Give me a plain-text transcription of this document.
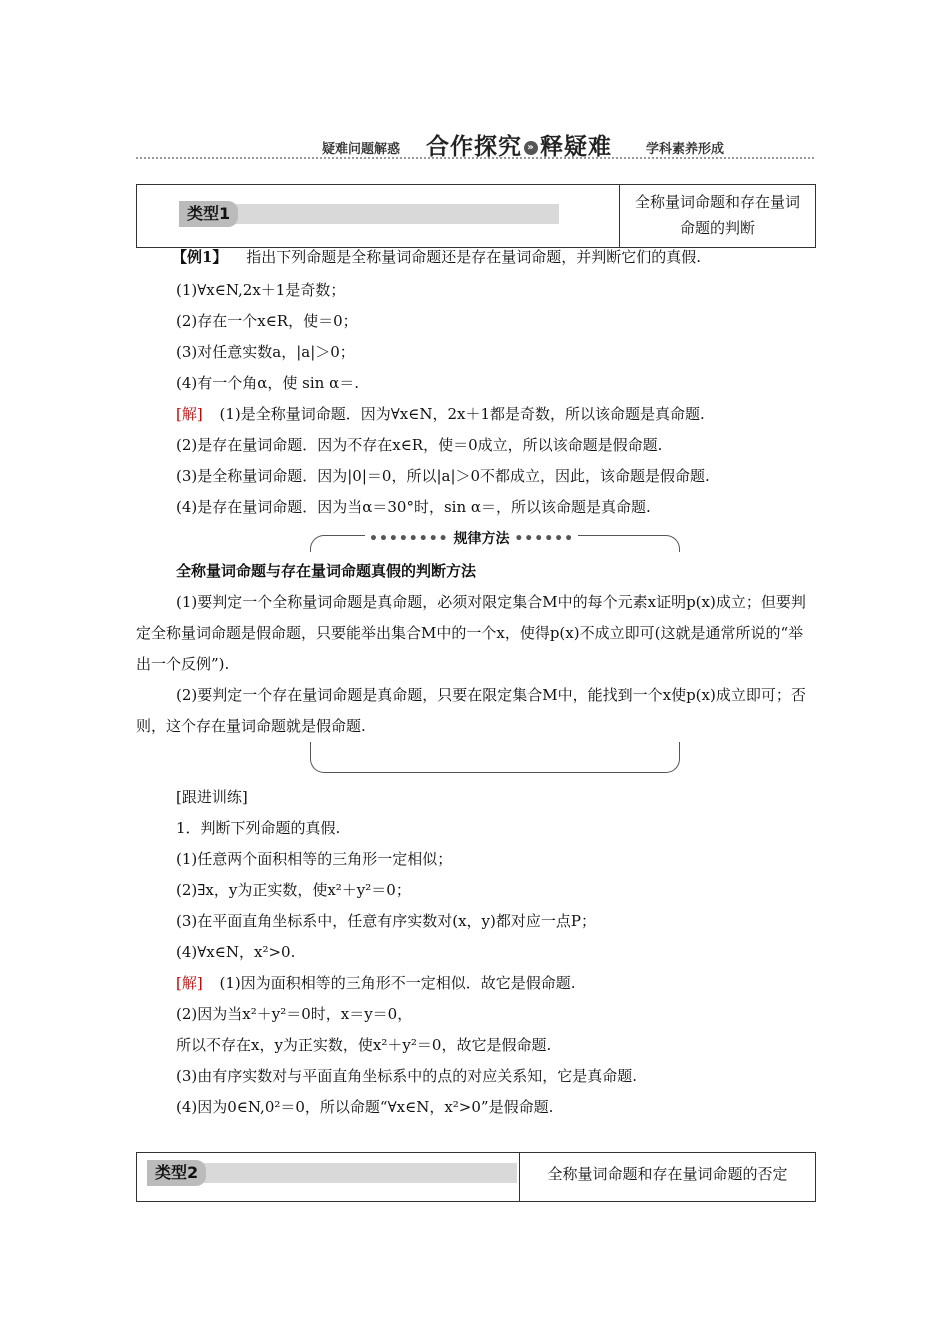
疑难问题解惑 合作探究 » 释疑难	学科素养形成
类型1
全称量词命题和存在量词
命题的判断
【例1】 指出下列命题是全称量词命题还是存在量词命题，并判断它们的真假.
(1)∀x∈N,2x＋1是奇数；
(2)存在一个x∈R，使＝0；
(3)对任意实数a，|a|＞0；
(4)有一个角α，使 sin α＝.
[解] (1)是全称量词命题．因为∀x∈N，2x＋1都是奇数，所以该命题是真命题.
(2)是存在量词命题．因为不存在x∈R，使＝0成立，所以该命题是假命题.
(3)是全称量词命题．因为|0|＝0，所以|a|＞0不都成立，因此，该命题是假命题.
(4)是存在量词命题．因为当α＝30°时，sin α＝，所以该命题是真命题.
•••••••• 规律方法 ••••••
全称量词命题与存在量词命题真假的判断方法
(1)要判定一个全称量词命题是真命题，必须对限定集合M中的每个元素x证明p(x)成立；但要判定全称量词命题是假命题，只要能举出集合M中的一个x，使得p(x)不成立即可(这就是通常所说的“举出一个反例”).
(2)要判定一个存在量词命题是真命题，只要在限定集合M中，能找到一个x使p(x)成立即可；否则，这个存在量词命题就是假命题.
[跟进训练]
1．判断下列命题的真假.
(1)任意两个面积相等的三角形一定相似；
(2)∃x，y为正实数，使x²＋y²＝0；
(3)在平面直角坐标系中，任意有序实数对(x，y)都对应一点P；
(4)∀x∈N，x²>0.
[解] (1)因为面积相等的三角形不一定相似．故它是假命题.
(2)因为当x²＋y²＝0时，x＝y＝0，
所以不存在x，y为正实数，使x²＋y²＝0，故它是假命题.
(3)由有序实数对与平面直角坐标系中的点的对应关系知，它是真命题.
(4)因为0∈N,0²＝0，所以命题“∀x∈N，x²>0”是假命题.
类型2	全称量词命题和存在量词命题的否定
